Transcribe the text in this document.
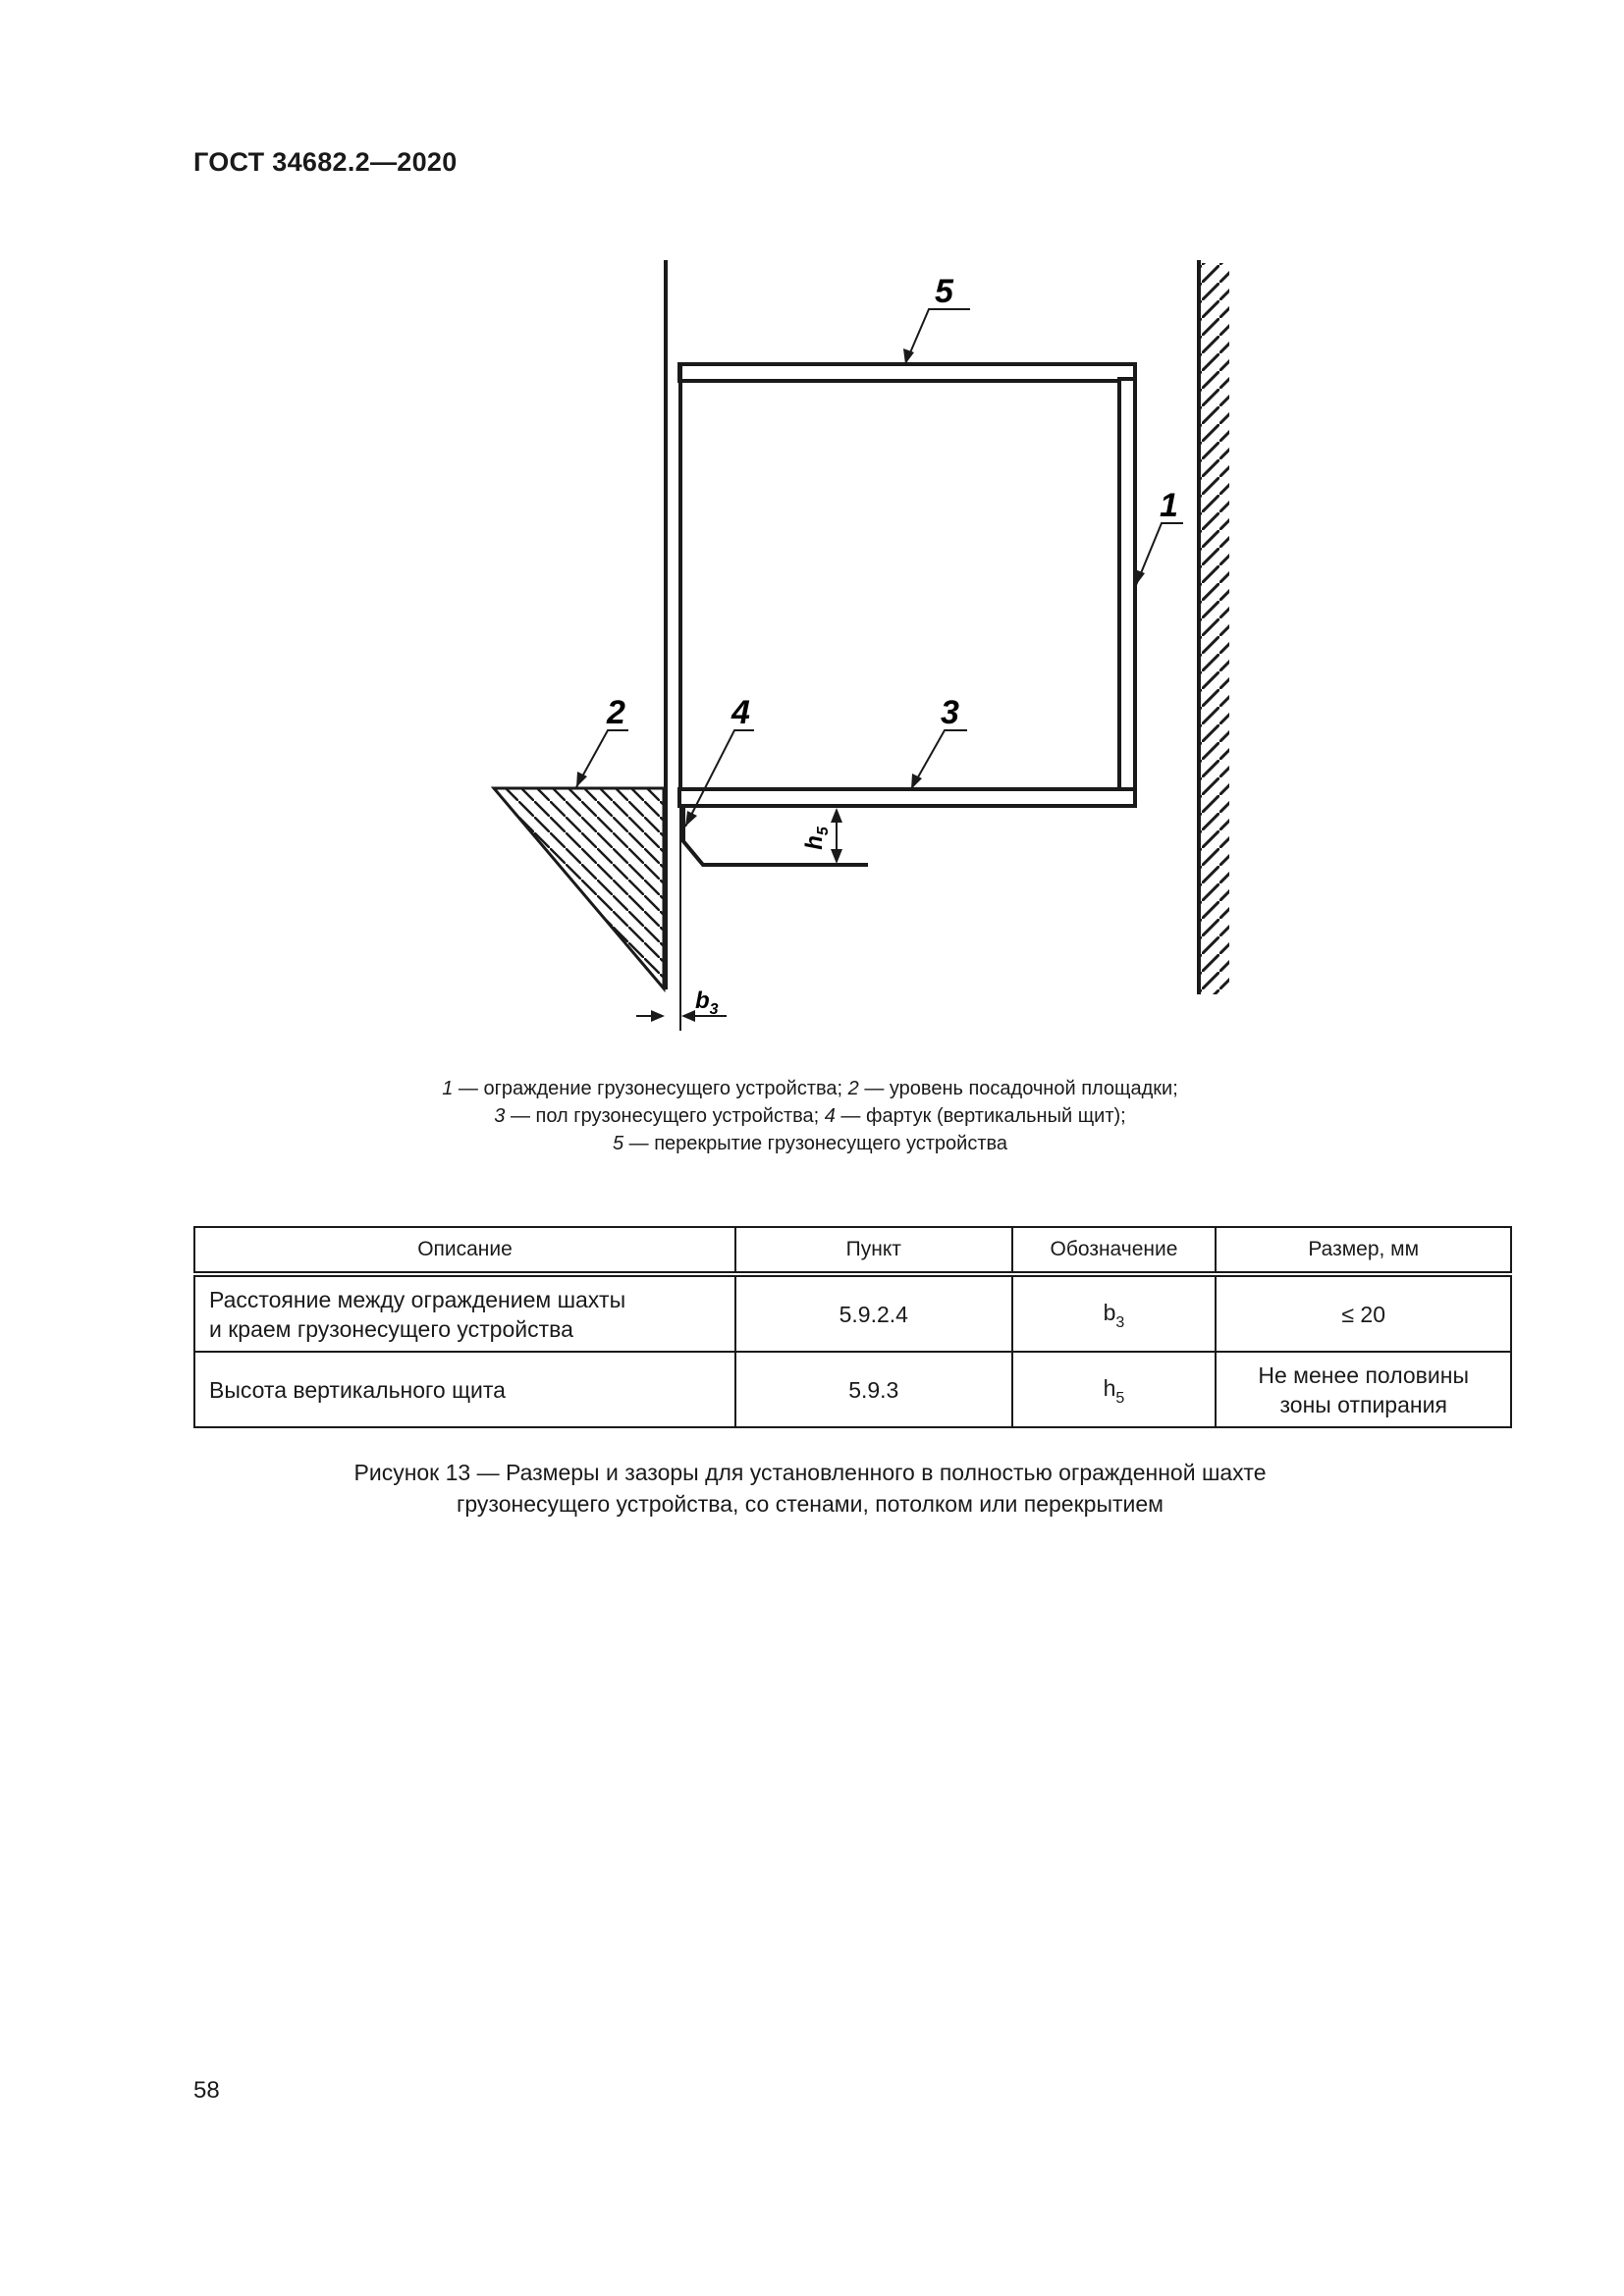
ГОСТ 34682.2—2020
$h_5$
$b_3$
5
1
3
2	4
1 — ограждение грузонесущего устройства; 2 — уровень посадочной площадки;
3 — пол грузонесущего устройства; 4 — фартук (вертикальный щит);
5 — перекрытие грузонесущего устройства
Описание	Пункт	Обозначение	Размер, мм

Расстояние между ограждением шахты
и краем грузонесущего устройства	5.9.2.4	$b_3$	≤ 20

Высота вертикального щита	5.9.3	$h_5$	Не менее половины
зоны отпирания
Рисунок 13 — Размеры и зазоры для установленного в полностью огражденной шахте
грузонесущего устройства, со стенами, потолком или перекрытием
58
